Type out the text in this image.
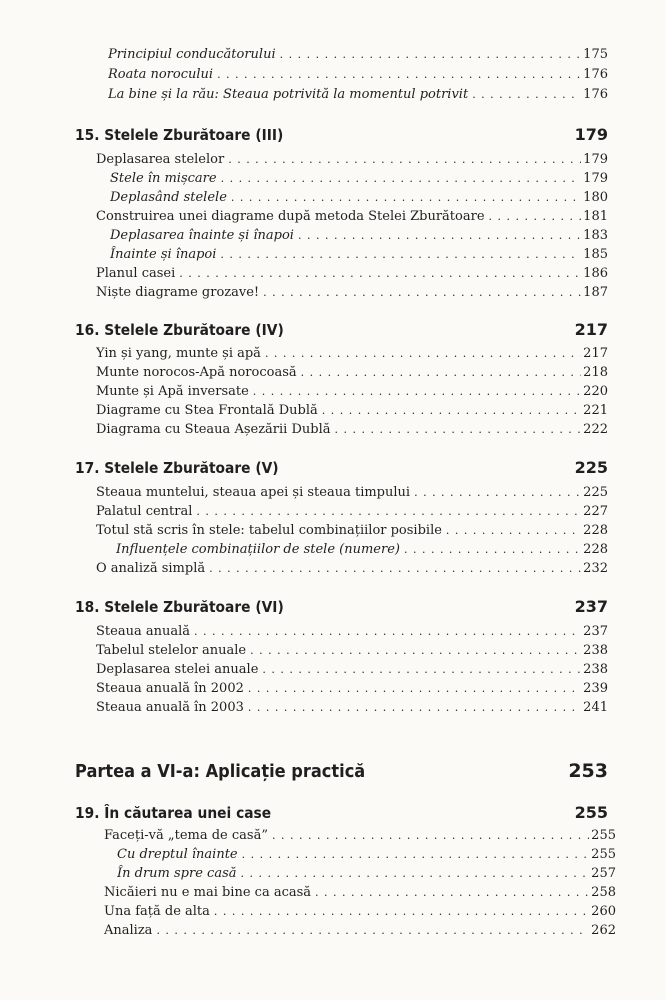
Principiul conducătorului . . .	175
Roata norocului . . .	176
La bine și la rău: Steaua potrivită la momentul potrivit . . .	176
15. Stelele Zburătoare (III)	179
Deplasarea stelelor . . .	179
Stele în mișcare . . .	179
Deplasând stelele . . .	180
Construirea unei diagrame după metoda Stelei Zburătoare . . .	181
Deplasarea înainte și înapoi . . .	183
Înainte și înapoi . . .	185
Planul casei . . .	186
Niște diagrame grozave! . . .	187
16. Stelele Zburătoare (IV)	217
Yin și yang, munte și apă . . .	217
Munte norocos-Apă norocoasă . . .	218
Munte și Apă inversate . . .	220
Diagrame cu Stea Frontală Dublă . . .	221
Diagrama cu Steaua Așezării Dublă . . .	222
17. Stelele Zburătoare (V)	225
Steaua muntelui, steaua apei și steaua timpului . . .	225
Palatul central . . .	227
Totul stă scris în stele: tabelul combinațiilor posibile . . .	228
Influențele combinațiilor de stele (numere) . . .	228
O analiză simplă . . .	232
18. Stelele Zburătoare (VI)	237
Steaua anuală . . .	237
Tabelul stelelor anuale . . .	238
Deplasarea stelei anuale . . .	238
Steaua anuală în 2002 . . .	239
Steaua anuală în 2003 . . .	241
Partea a VI-a: Aplicație practică	253
19. În căutarea unei case	255
Faceți-vă „tema de casă” . . .	255
Cu dreptul înainte . . .	255
În drum spre casă . . .	257
Nicăieri nu e mai bine ca acasă . . .	258
Una față de alta . . .	260
Analiza . . .	262
